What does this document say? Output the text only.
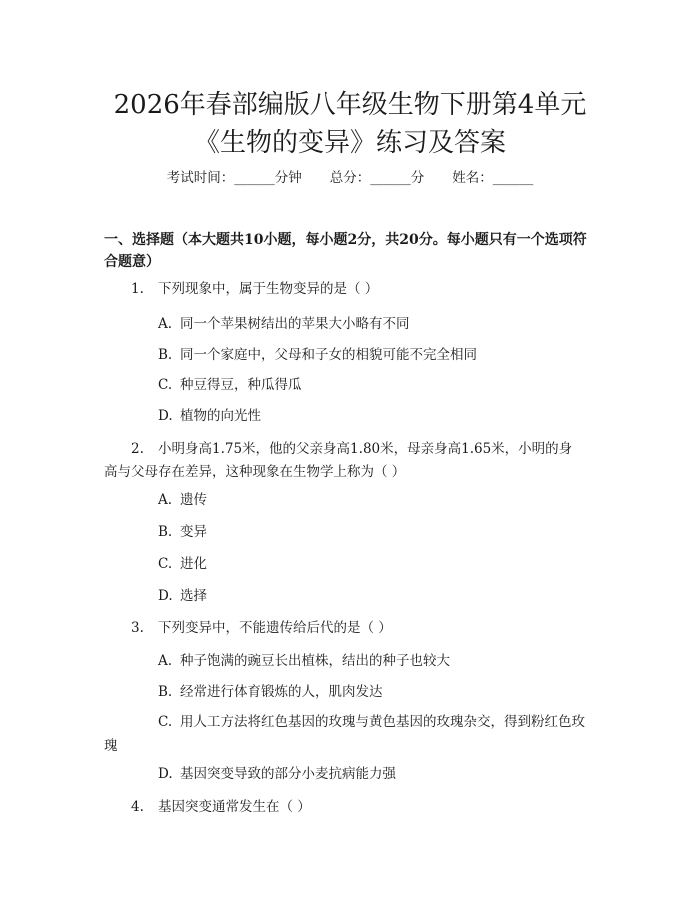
2026年春部编版八年级生物下册第4单元
《生物的变异》练习及答案
考试时间：______分钟 总分：______分 姓名：______
一、选择题（本大题共10小题，每小题2分，共20分。每小题只有一个选项符合题意）
1. 下列现象中，属于生物变异的是（ ）
A. 同一个苹果树结出的苹果大小略有不同
B. 同一个家庭中，父母和子女的相貌可能不完全相同
C. 种豆得豆，种瓜得瓜
D. 植物的向光性
2. 小明身高1.75米，他的父亲身高1.80米，母亲身高1.65米，小明的身
高与父母存在差异，这种现象在生物学上称为（ ）
A. 遗传
B. 变异
C. 进化
D. 选择
3. 下列变异中，不能遗传给后代的是（ ）
A. 种子饱满的豌豆长出植株，结出的种子也较大
B. 经常进行体育锻炼的人，肌肉发达
C. 用人工方法将红色基因的玫瑰与黄色基因的玫瑰杂交，得到粉红色玫
瑰
D. 基因突变导致的部分小麦抗病能力强
4. 基因突变通常发生在（ ）
